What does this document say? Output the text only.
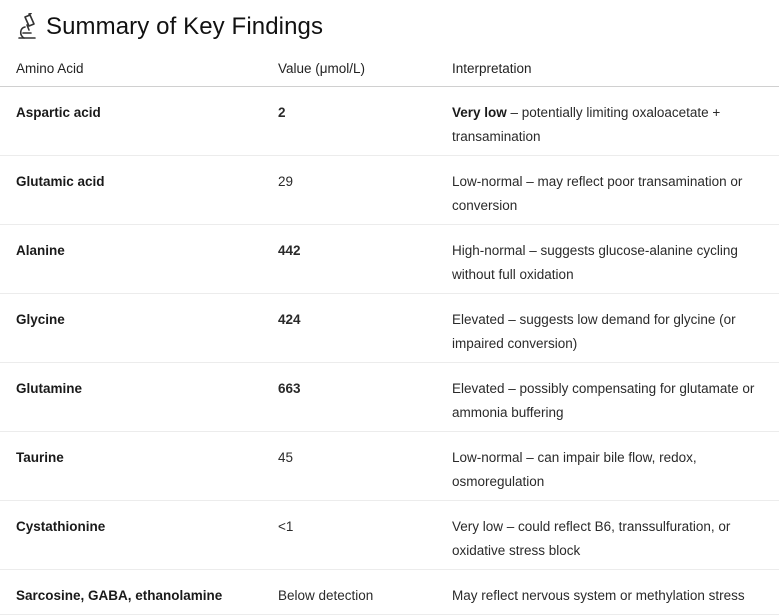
Summary of Key Findings
Amino Acid	Value (μmol/L)	Interpretation

Aspartic acid	2	Very low – potentially limiting oxaloacetate + transamination

Glutamic acid	29	Low-normal – may reflect poor transamination or conversion

Alanine	442	High-normal – suggests glucose-alanine cycling without full oxidation

Glycine	424	Elevated – suggests low demand for glycine (or impaired conversion)

Glutamine	663	Elevated – possibly compensating for glutamate or ammonia buffering

Taurine	45	Low-normal – can impair bile flow, redox, osmoregulation

Cystathionine	<1	Very low – could reflect B6, transsulfuration, or oxidative stress block

Sarcosine, GABA, ethanolamine	Below detection	May reflect nervous system or methylation stress
